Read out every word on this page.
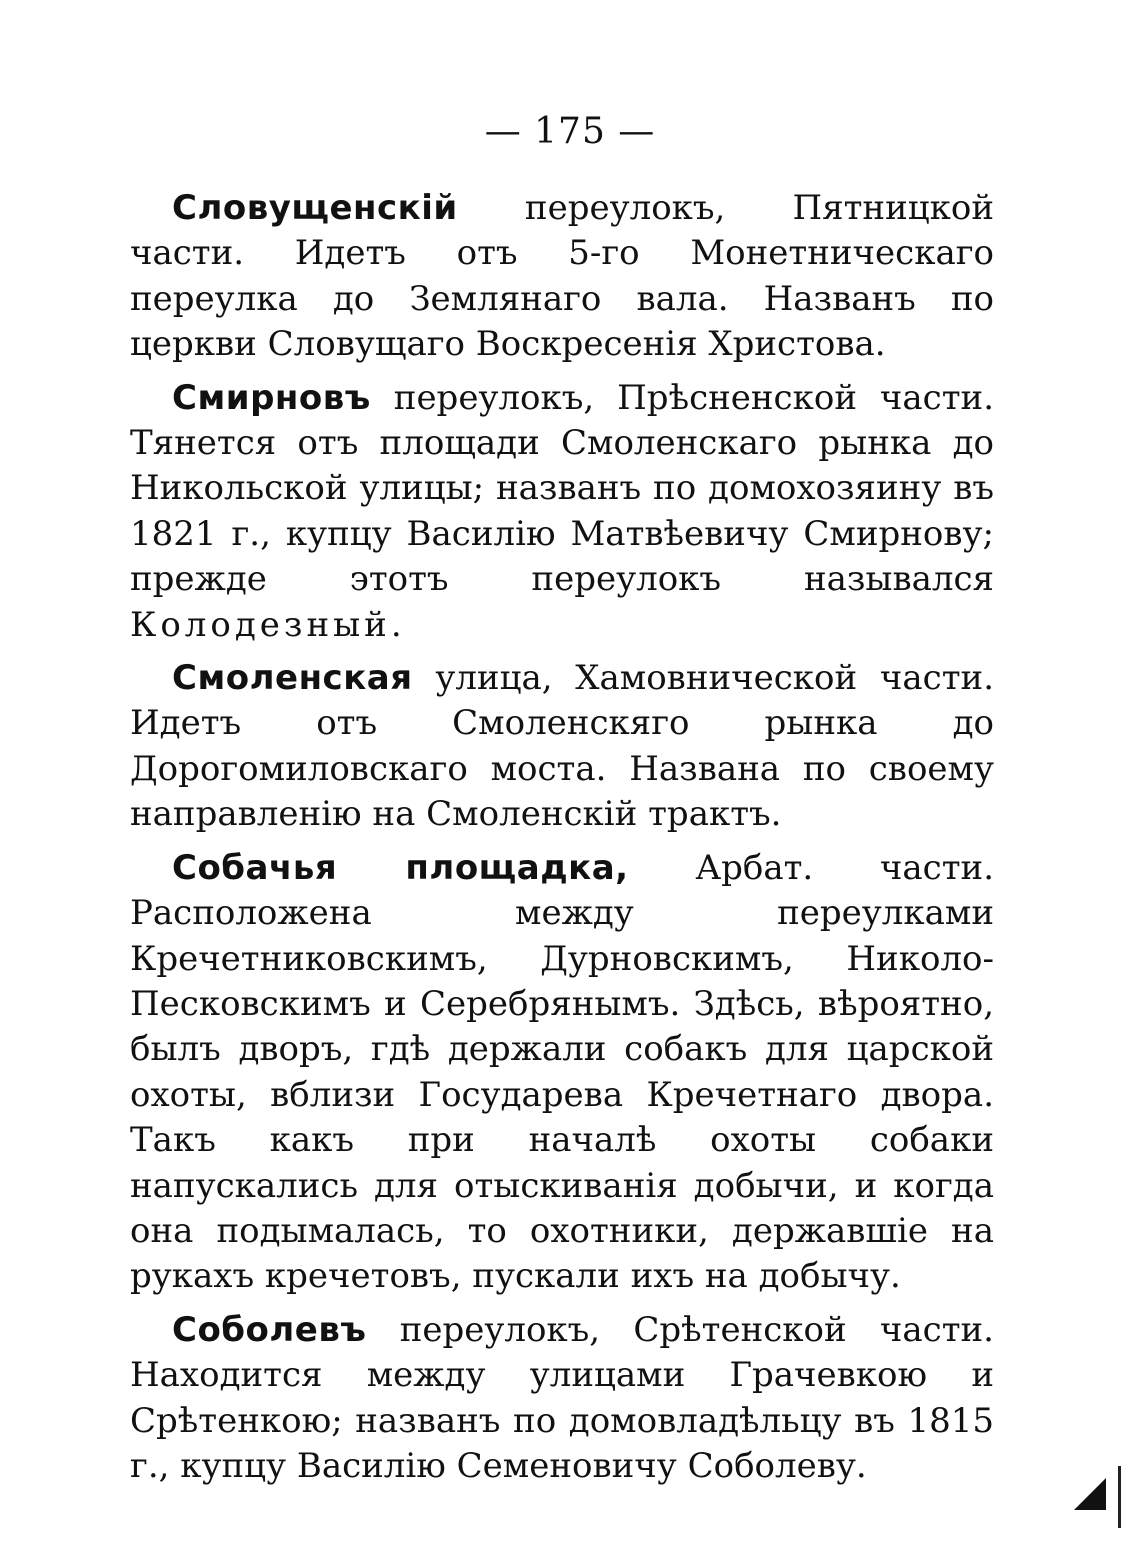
— 175 —

Словущенскій переулокъ, Пятницкой части. Идетъ отъ 5-го Монетническаго переулка до Землянаго вала. Названъ по церкви Словущаго Воскресенія Христова.

Смирновъ переулокъ, Прѣсненской части. Тянется отъ площади Смоленскаго рынка до Никольской улицы; названъ по домохозяину въ 1821 г., купцу Василію Матвѣевичу Смирнову; прежде этотъ переулокъ назывался Колодезный.

Смоленская улица, Хамовнической части. Идетъ отъ Смоленскяго рынка до Дорогомиловскаго моста. Названа по своему направленію на Смоленскій трактъ.

Собачья площадка, Арбат. части. Расположена между переулками Кречетниковскимъ, Дурновскимъ, Николо-Песковскимъ и Серебрянымъ. Здѣсь, вѣроятно, былъ дворъ, гдѣ держали собакъ для царской охоты, вблизи Государева Кречетнаго двора. Такъ какъ при началѣ охоты собаки напускались для отыскиванія добычи, и когда она подымалась, то охотники, державшіе на рукахъ кречетовъ, пускали ихъ на добычу.

Соболевъ переулокъ, Срѣтенской части. Находится между улицами Грачевкою и Срѣтенкою; названъ по домовладѣльцу въ 1815 г., купцу Василію Семеновичу Соболеву.
